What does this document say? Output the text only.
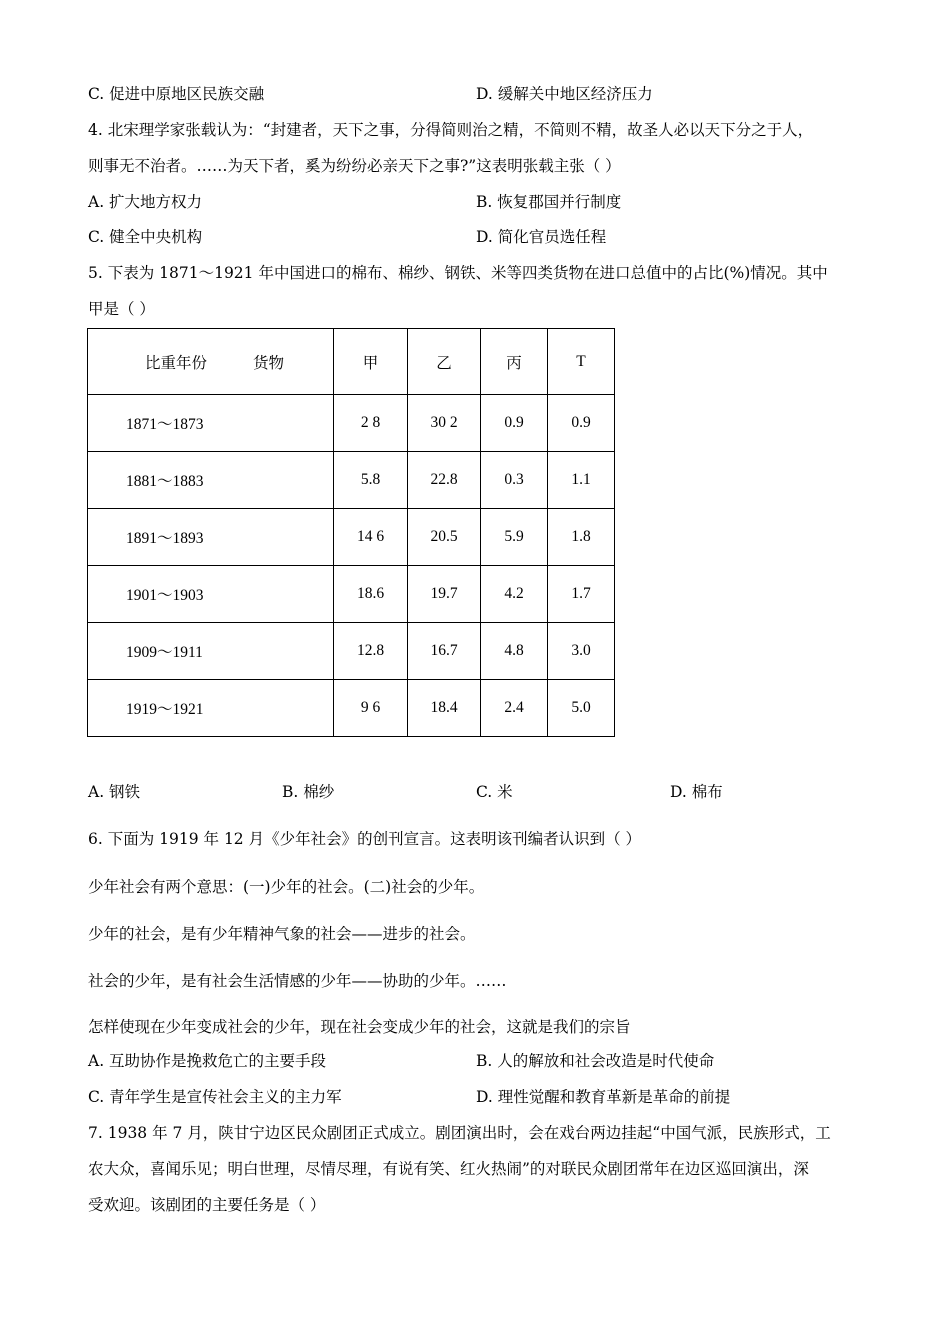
C. 促进中原地区民族交融	D. 缓解关中地区经济压力
4. 北宋理学家张载认为：“封建者，天下之事，分得简则治之精，不简则不精，故圣人必以天下分之于人，
则事无不治者。……为天下者，奚为纷纷必亲天下之事?”这表明张载主张（ ）
A. 扩大地方权力	B. 恢复郡国并行制度
C. 健全中央机构	D. 简化官员选任程
5. 下表为 1871～1921 年中国进口的棉布、棉纱、钢铁、米等四类货物在进口总值中的占比(%)情况。其中
甲是（ ）
比重年份 货物	甲	乙	丙	T
1871～1873	2 8	30 2	0.9	0.9
1881～1883	5.8	22.8	0.3	1.1
1891～1893	14 6	20.5	5.9	1.8
1901～1903	18.6	19.7	4.2	1.7
1909～1911	12.8	16.7	4.8	3.0
1919～1921	9 6	18.4	2.4	5.0
A. 钢铁	B. 棉纱	C. 米	D. 棉布
6. 下面为 1919 年 12 月《少年社会》的创刊宣言。这表明该刊编者认识到（ ）
少年社会有两个意思：(一)少年的社会。(二)社会的少年。
少年的社会，是有少年精神气象的社会——进步的社会。
社会的少年，是有社会生活情感的少年——协助的少年。……
怎样使现在少年变成社会的少年，现在社会变成少年的社会，这就是我们的宗旨
A. 互助协作是挽救危亡的主要手段	B. 人的解放和社会改造是时代使命
C. 青年学生是宣传社会主义的主力军	D. 理性觉醒和教育革新是革命的前提
7. 1938 年 7 月，陕甘宁边区民众剧团正式成立。剧团演出时，会在戏台两边挂起“中国气派，民族形式，工
农大众，喜闻乐见；明白世理，尽情尽理，有说有笑、红火热闹”的对联民众剧团常年在边区巡回演出，深
受欢迎。该剧团的主要任务是（ ）
